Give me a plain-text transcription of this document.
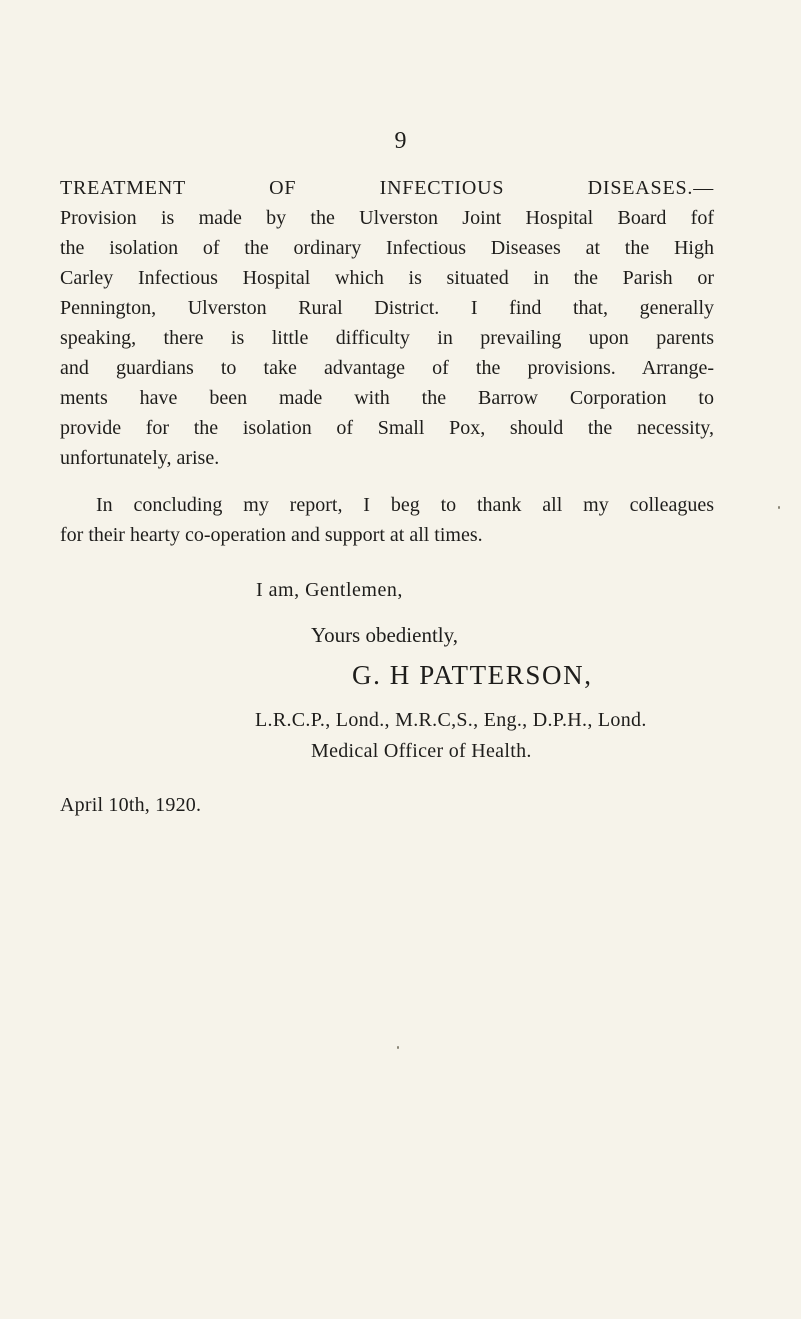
9
TREATMENT OF INFECTIOUS DISEASES.—
Provision is made by the Ulverston Joint Hospital Board fof
the isolation of the ordinary Infectious Diseases at the High
Carley Infectious Hospital which is situated in the Parish or
Pennington, Ulverston Rural District. I find that, generally
speaking, there is little difficulty in prevailing upon parents
and guardians to take advantage of the provisions. Arrange-
ments have been made with the Barrow Corporation to
provide for the isolation of Small Pox, should the necessity,
unfortunately, arise.
In concluding my report, I beg to thank all my colleagues
for their hearty co-operation and support at all times.
I am, Gentlemen,
Yours obediently,
G. H PATTERSON,
L.R.C.P., Lond., M.R.C,S., Eng., D.P.H., Lond.
Medical Officer of Health.
April 10th, 1920.
